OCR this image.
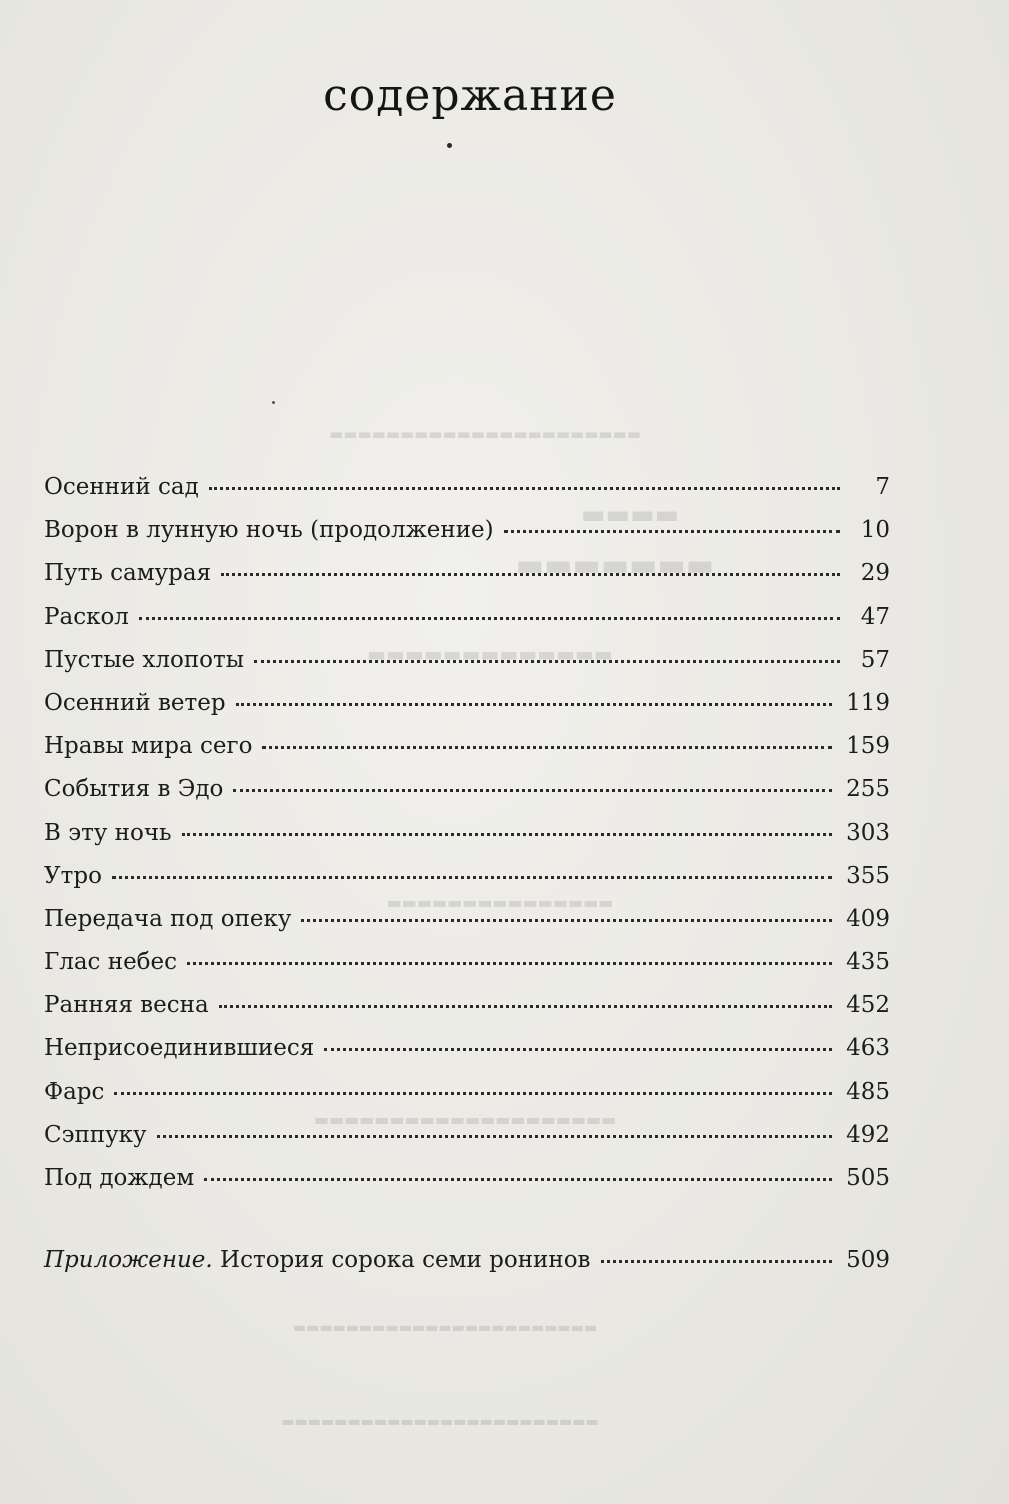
содержание
▬▬▬▬▬▬▬▬▬▬▬▬▬▬▬▬▬▬▬▬▬▬
▬▬▬▬
▬▬▬▬▬▬▬
▬▬▬▬▬▬▬▬▬▬▬▬▬
▬▬▬▬▬▬▬▬▬▬▬▬▬▬▬
▬▬▬▬▬▬▬▬▬▬▬▬▬▬▬▬▬▬▬▬
▬▬▬▬▬▬▬▬▬▬▬▬▬▬▬▬▬▬▬▬▬▬▬
▬▬▬▬▬▬▬▬▬▬▬▬▬▬▬▬▬▬▬▬▬▬▬▬
Осенний сад	7
Ворон в лунную ночь (продолжение)	10
Путь самурая	29
Раскол	47
Пустые хлопоты	57
Осенний ветер	119
Нравы мира сего	159
События в Эдо	255
В эту ночь	303
Утро	355
Передача под опеку	409
Глас небес	435
Ранняя весна	452
Неприсоединившиеся	463
Фарс	485
Сэппуку	492
Под дождем	505
Приложение. История сорока семи ронинов	509
